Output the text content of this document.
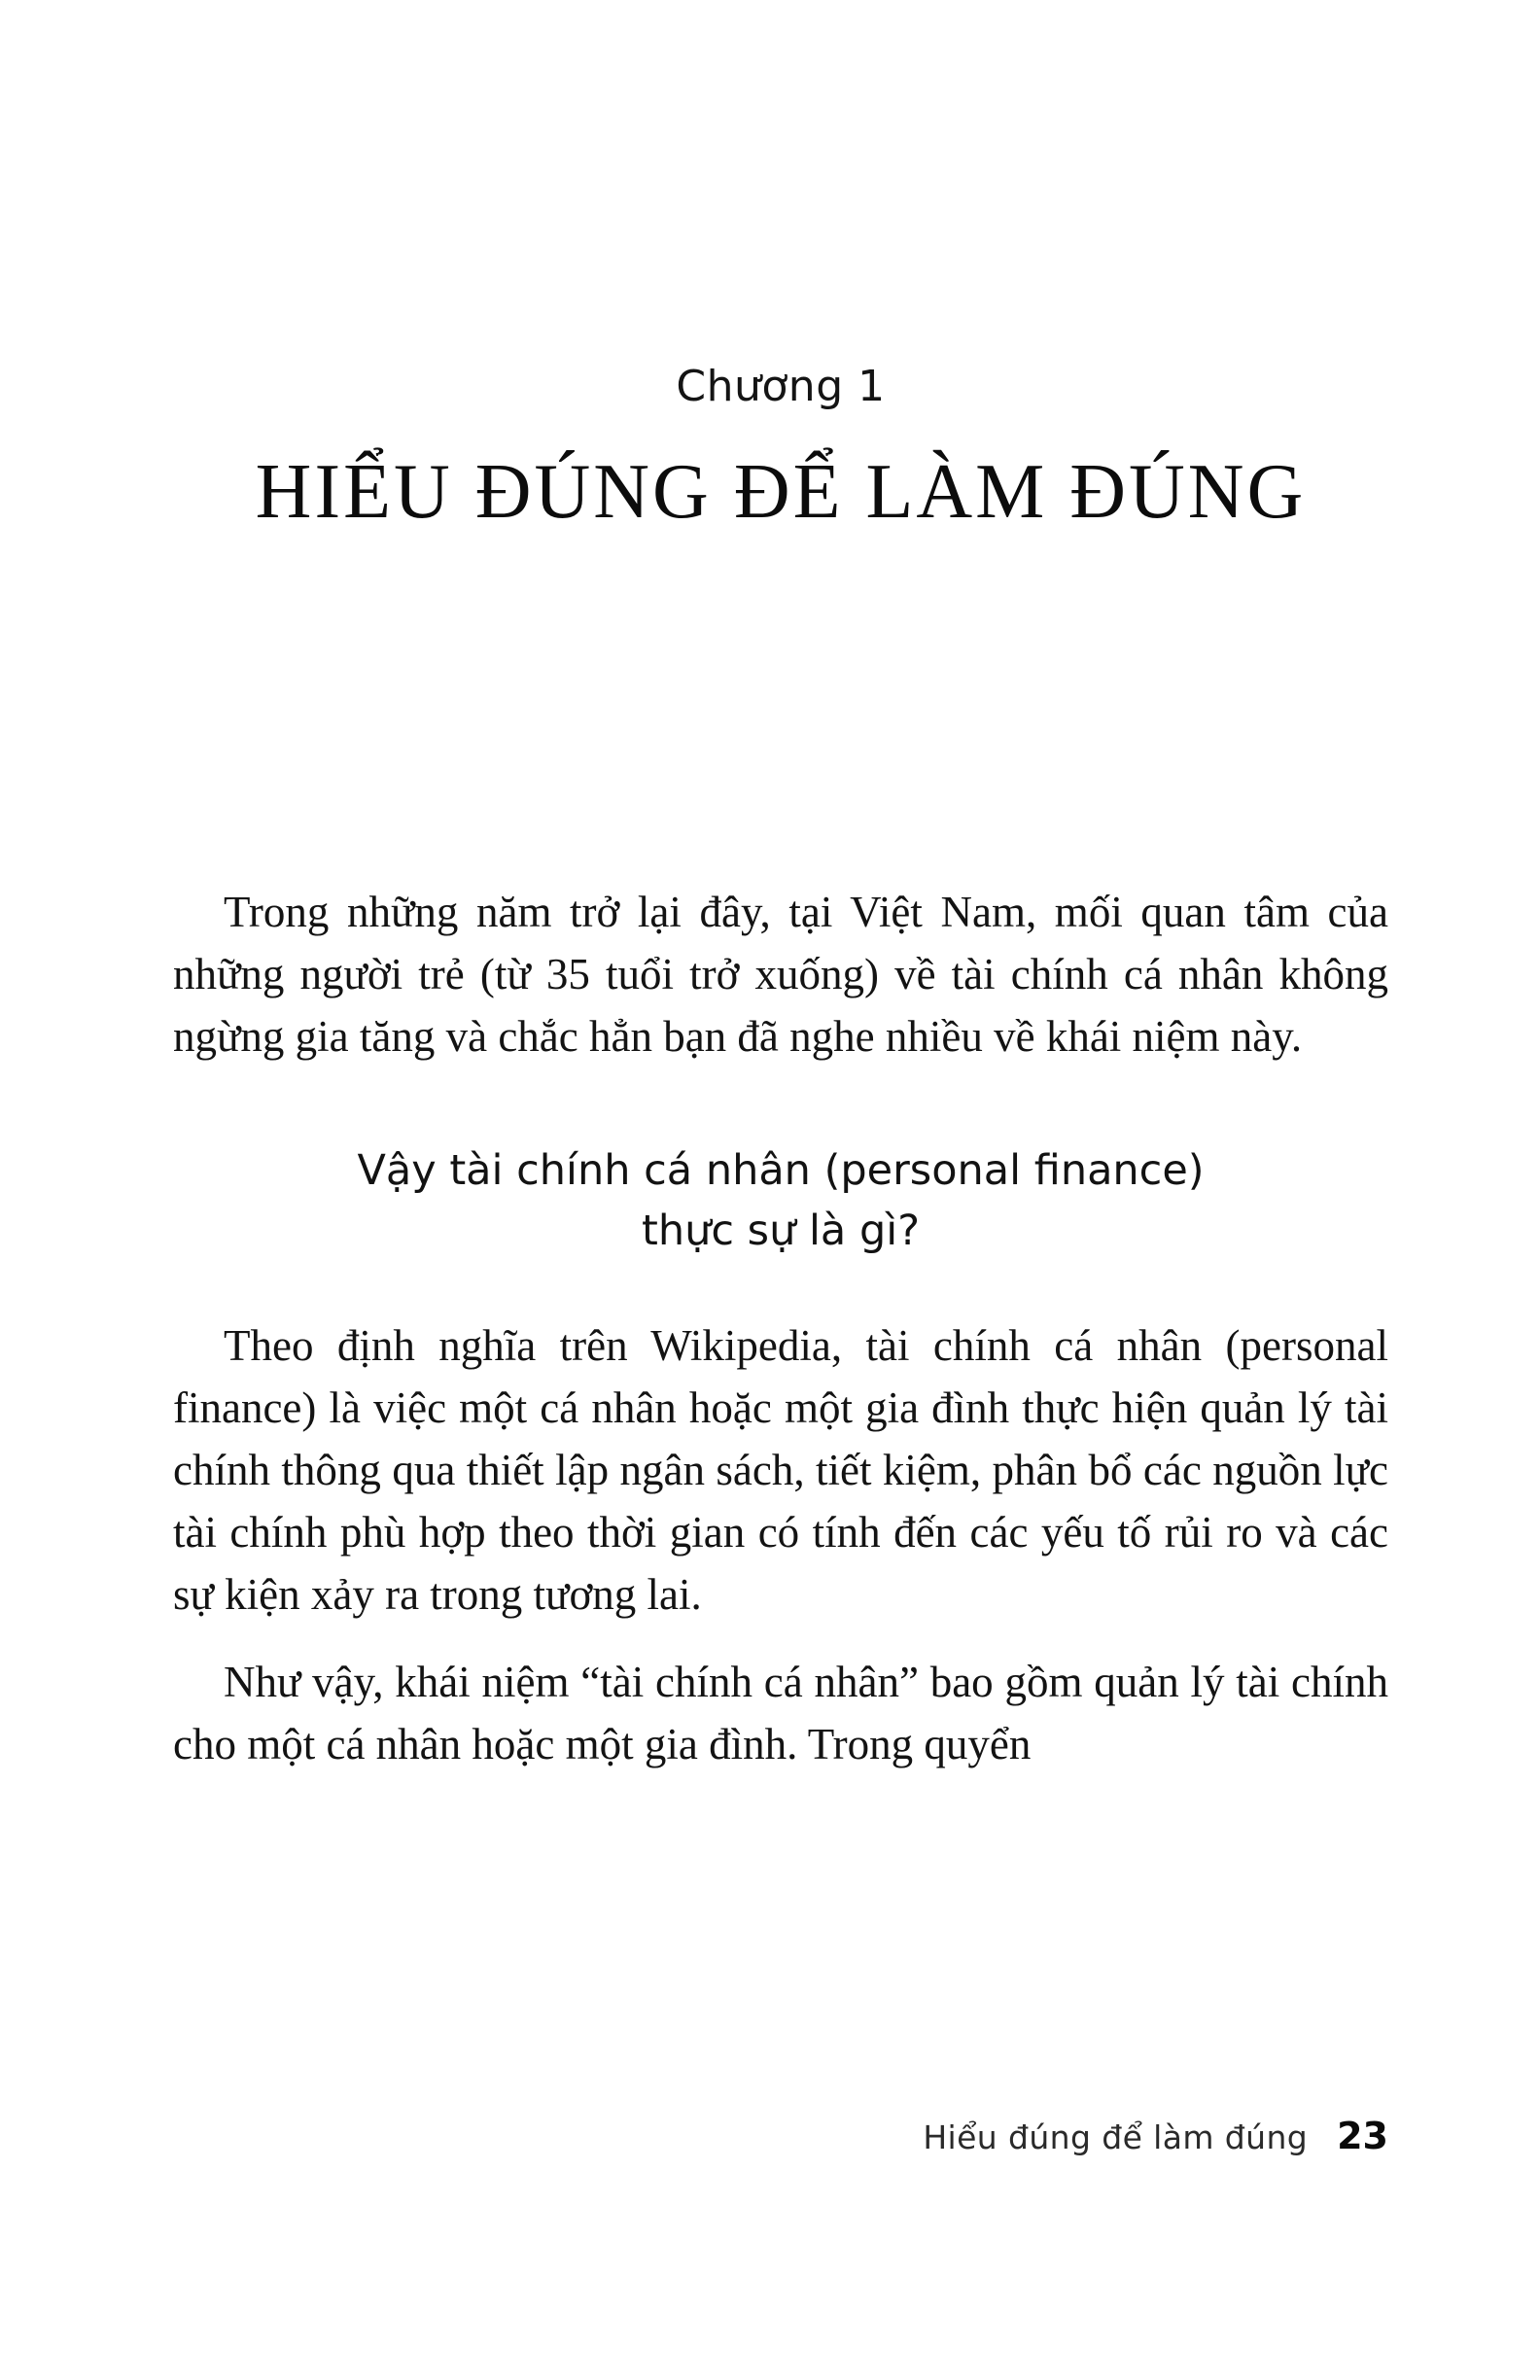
Chương 1
HIỂU ĐÚNG ĐỂ LÀM ĐÚNG

Trong những năm trở lại đây, tại Việt Nam, mối quan tâm của những người trẻ (từ 35 tuổi trở xuống) về tài chính cá nhân không ngừng gia tăng và chắc hẳn bạn đã nghe nhiều về khái niệm này.

Vậy tài chính cá nhân (personal finance)
thực sự là gì?

Theo định nghĩa trên Wikipedia, tài chính cá nhân (personal finance) là việc một cá nhân hoặc một gia đình thực hiện quản lý tài chính thông qua thiết lập ngân sách, tiết kiệm, phân bổ các nguồn lực tài chính phù hợp theo thời gian có tính đến các yếu tố rủi ro và các sự kiện xảy ra trong tương lai.

Như vậy, khái niệm “tài chính cá nhân” bao gồm quản lý tài chính cho một cá nhân hoặc một gia đình. Trong quyển

Hiểu đúng để làm đúng 23
